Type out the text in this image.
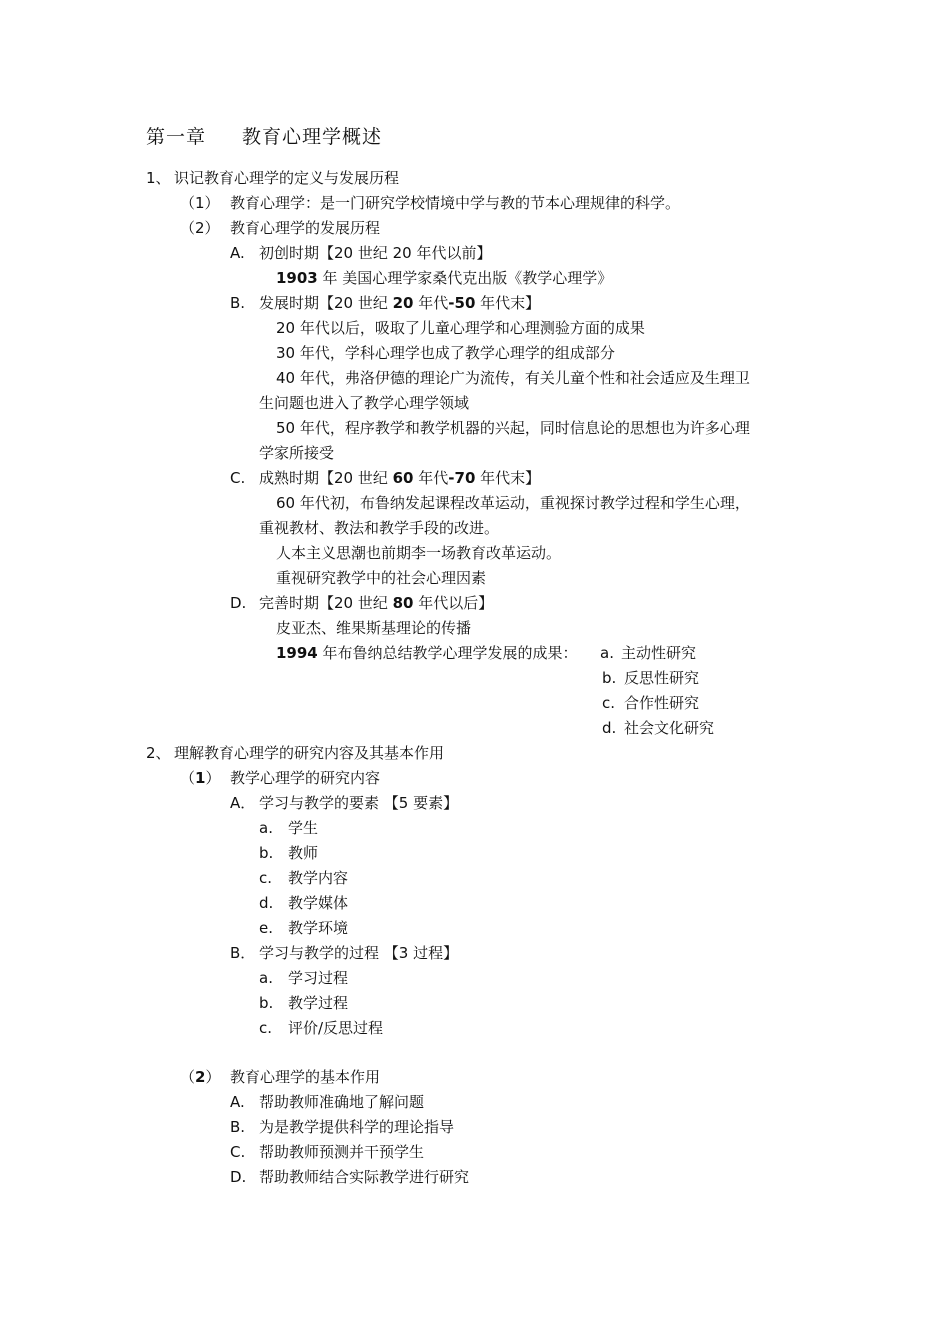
第一章 教育心理学概述
1、 识记教育心理学的定义与发展历程
（1） 教育心理学：是一门研究学校情境中学与教的节本心理规律的科学。
（2） 教育心理学的发展历程
A. 初创时期【20 世纪 20 年代以前】
1903 年 美国心理学家桑代克出版《教学心理学》
B. 发展时期【20 世纪 20 年代-50 年代末】
20 年代以后，吸取了儿童心理学和心理测验方面的成果
30 年代，学科心理学也成了教学心理学的组成部分
40 年代，弗洛伊德的理论广为流传，有关儿童个性和社会适应及生理卫
生问题也进入了教学心理学领域
50 年代，程序教学和教学机器的兴起，同时信息论的思想也为许多心理
学家所接受
C. 成熟时期【20 世纪 60 年代-70 年代末】
60 年代初，布鲁纳发起课程改革运动，重视探讨教学过程和学生心理，
重视教材、教法和教学手段的改进。
人本主义思潮也前期李一场教育改革运动。
重视研究教学中的社会心理因素
D. 完善时期【20 世纪 80 年代以后】
皮亚杰、维果斯基理论的传播
1994 年布鲁纳总结教学心理学发展的成果： a. 主动性研究
b. 反思性研究
c. 合作性研究
d. 社会文化研究
2、 理解教育心理学的研究内容及其基本作用
（1） 教学心理学的研究内容
A． 学习与教学的要素 【5 要素】
a. 学生
b. 教师
c. 教学内容
d. 教学媒体
e. 教学环境
B． 学习与教学的过程 【3 过程】
a. 学习过程
b. 教学过程
c. 评价/反思过程
（2） 教育心理学的基本作用
A. 帮助教师准确地了解问题
B. 为是教学提供科学的理论指导
C. 帮助教师预测并干预学生
D. 帮助教师结合实际教学进行研究
